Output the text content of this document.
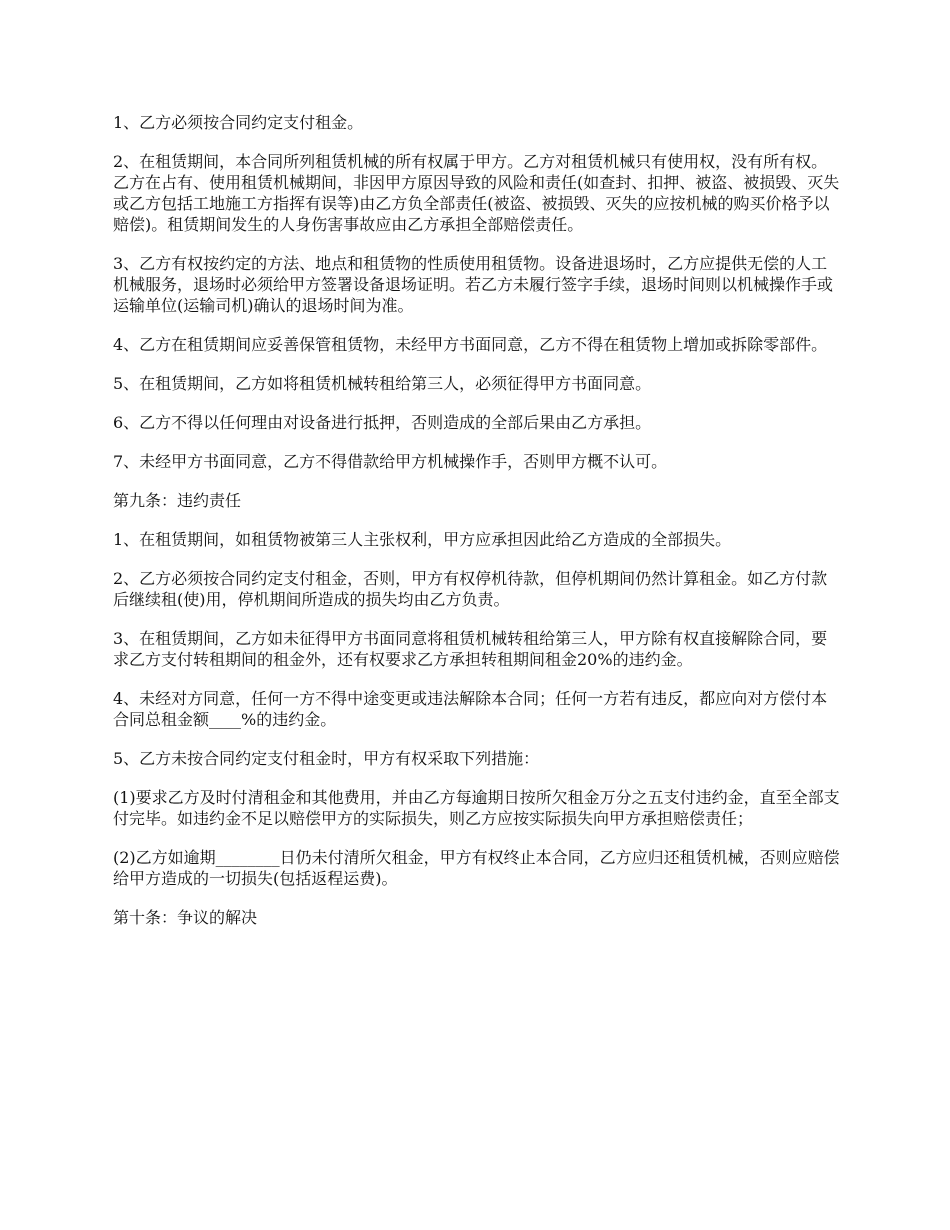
1、乙方必须按合同约定支付租金。

2、在租赁期间，本合同所列租赁机械的所有权属于甲方。乙方对租赁机械只有使用权，没有所有权。乙方在占有、使用租赁机械期间，非因甲方原因导致的风险和责任(如查封、扣押、被盗、被损毁、灭失或乙方包括工地施工方指挥有误等)由乙方负全部责任(被盗、被损毁、灭失的应按机械的购买价格予以赔偿)。租赁期间发生的人身伤害事故应由乙方承担全部赔偿责任。

3、乙方有权按约定的方法、地点和租赁物的性质使用租赁物。设备进退场时，乙方应提供无偿的人工机械服务，退场时必须给甲方签署设备退场证明。若乙方未履行签字手续，退场时间则以机械操作手或运输单位(运输司机)确认的退场时间为准。

4、乙方在租赁期间应妥善保管租赁物，未经甲方书面同意，乙方不得在租赁物上增加或拆除零部件。

5、在租赁期间，乙方如将租赁机械转租给第三人，必须征得甲方书面同意。

6、乙方不得以任何理由对设备进行抵押，否则造成的全部后果由乙方承担。

7、未经甲方书面同意，乙方不得借款给甲方机械操作手，否则甲方概不认可。

第九条：违约责任

1、在租赁期间，如租赁物被第三人主张权利，甲方应承担因此给乙方造成的全部损失。

2、乙方必须按合同约定支付租金，否则，甲方有权停机待款，但停机期间仍然计算租金。如乙方付款后继续租(使)用，停机期间所造成的损失均由乙方负责。

3、在租赁期间，乙方如未征得甲方书面同意将租赁机械转租给第三人，甲方除有权直接解除合同，要求乙方支付转租期间的租金外，还有权要求乙方承担转租期间租金20%的违约金。

4、未经对方同意，任何一方不得中途变更或违法解除本合同；任何一方若有违反，都应向对方偿付本合同总租金额____%的违约金。

5、乙方未按合同约定支付租金时，甲方有权采取下列措施：

(1)要求乙方及时付清租金和其他费用，并由乙方每逾期日按所欠租金万分之五支付违约金，直至全部支付完毕。如违约金不足以赔偿甲方的实际损失，则乙方应按实际损失向甲方承担赔偿责任；

(2)乙方如逾期________日仍未付清所欠租金，甲方有权终止本合同，乙方应归还租赁机械，否则应赔偿给甲方造成的一切损失(包括返程运费)。

第十条：争议的解决
